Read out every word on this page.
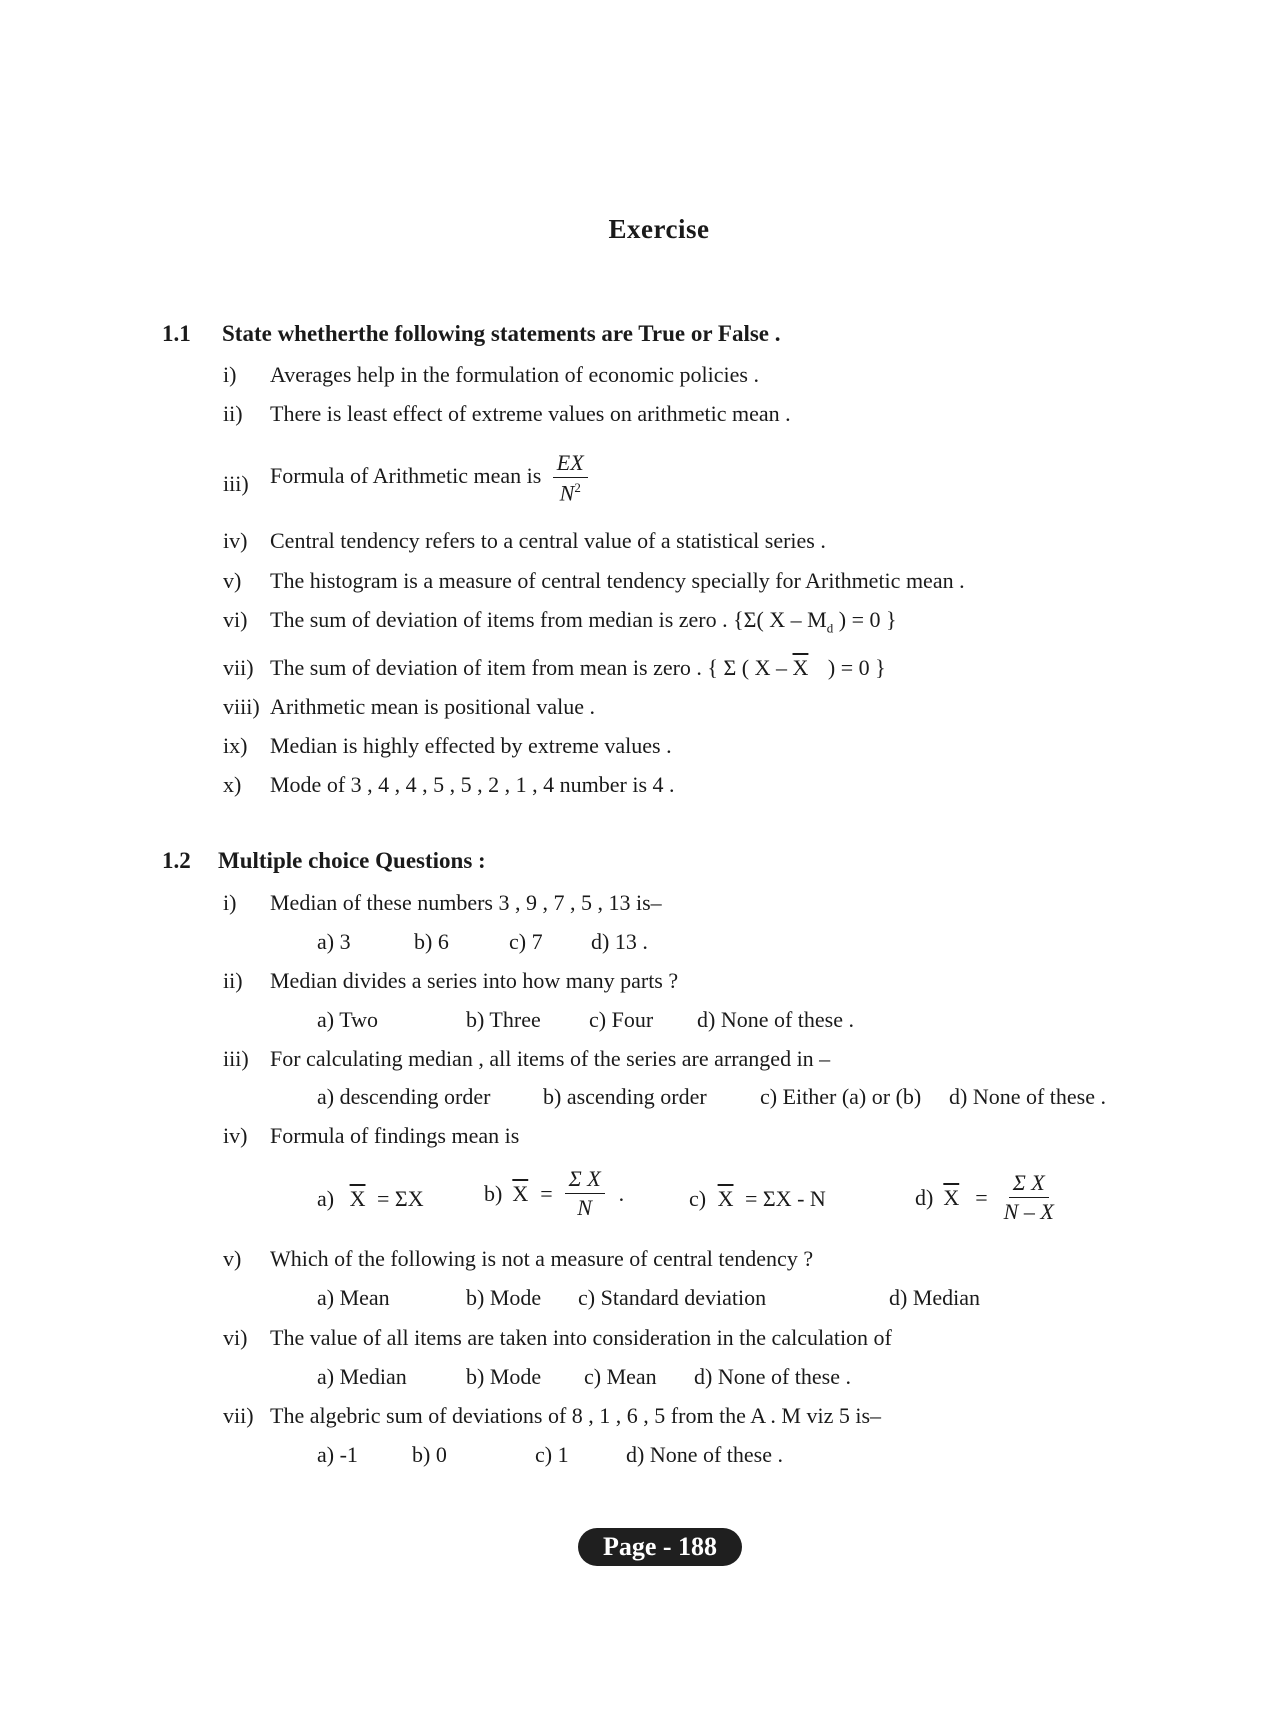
Exercise
1.1 State whetherthe following statements are True or False .
i) Averages help in the formulation of economic policies .
ii) There is least effect of extreme values on arithmetic mean .
iii) Formula of Arithmetic mean is $\frac{EX}{N^2}$
iv) Central tendency refers to a central value of a statistical series .
v) The histogram is a measure of central tendency specially for Arithmetic mean .
vi) The sum of deviation of items from median is zero . {Σ( X – $M_d$ ) = 0 }
vii) The sum of deviation of item from mean is zero . { Σ ( X – $\overline{X}$ ) = 0 }
viii) Arithmetic mean is positional value .
ix) Median is highly effected by extreme values .
x) Mode of 3 , 4 , 4 , 5 , 5 , 2 , 1 , 4 number is 4 .
1.2 Multiple choice Questions :
i) Median of these numbers 3 , 9 , 7 , 5 , 13 is–
a) 3	b) 6	c) 7 d) 13 .
ii) Median divides a series into how many parts ?
a) Two	b) Three c) Four d) None of these .
iii) For calculating median , all items of the series are arranged in –
a) descending order b) ascending order c) Either (a) or (b) d) None of these .
iv) Formula of findings mean is
a) $\overline{X} = \Sigma X$	b) $\overline{X} = \frac{\text{Σ X}}{N}$ .	c) $\overline{X} = \Sigma X - N$	d) $\overline{X} = \frac{\text{Σ X}}{N - X}$
v) Which of the following is not a measure of central tendency ?
a) Mean	b) Mode c) Standard deviation	d) Median
vi) The value of all items are taken into consideration in the calculation of
a) Median	b) Mode c) Mean d) None of these .
vii) The algebric sum of deviations of 8 , 1 , 6 , 5 from the A . M viz 5 is–
a) -1 b) 0	c) 1	d) None of these .
Page - 188
